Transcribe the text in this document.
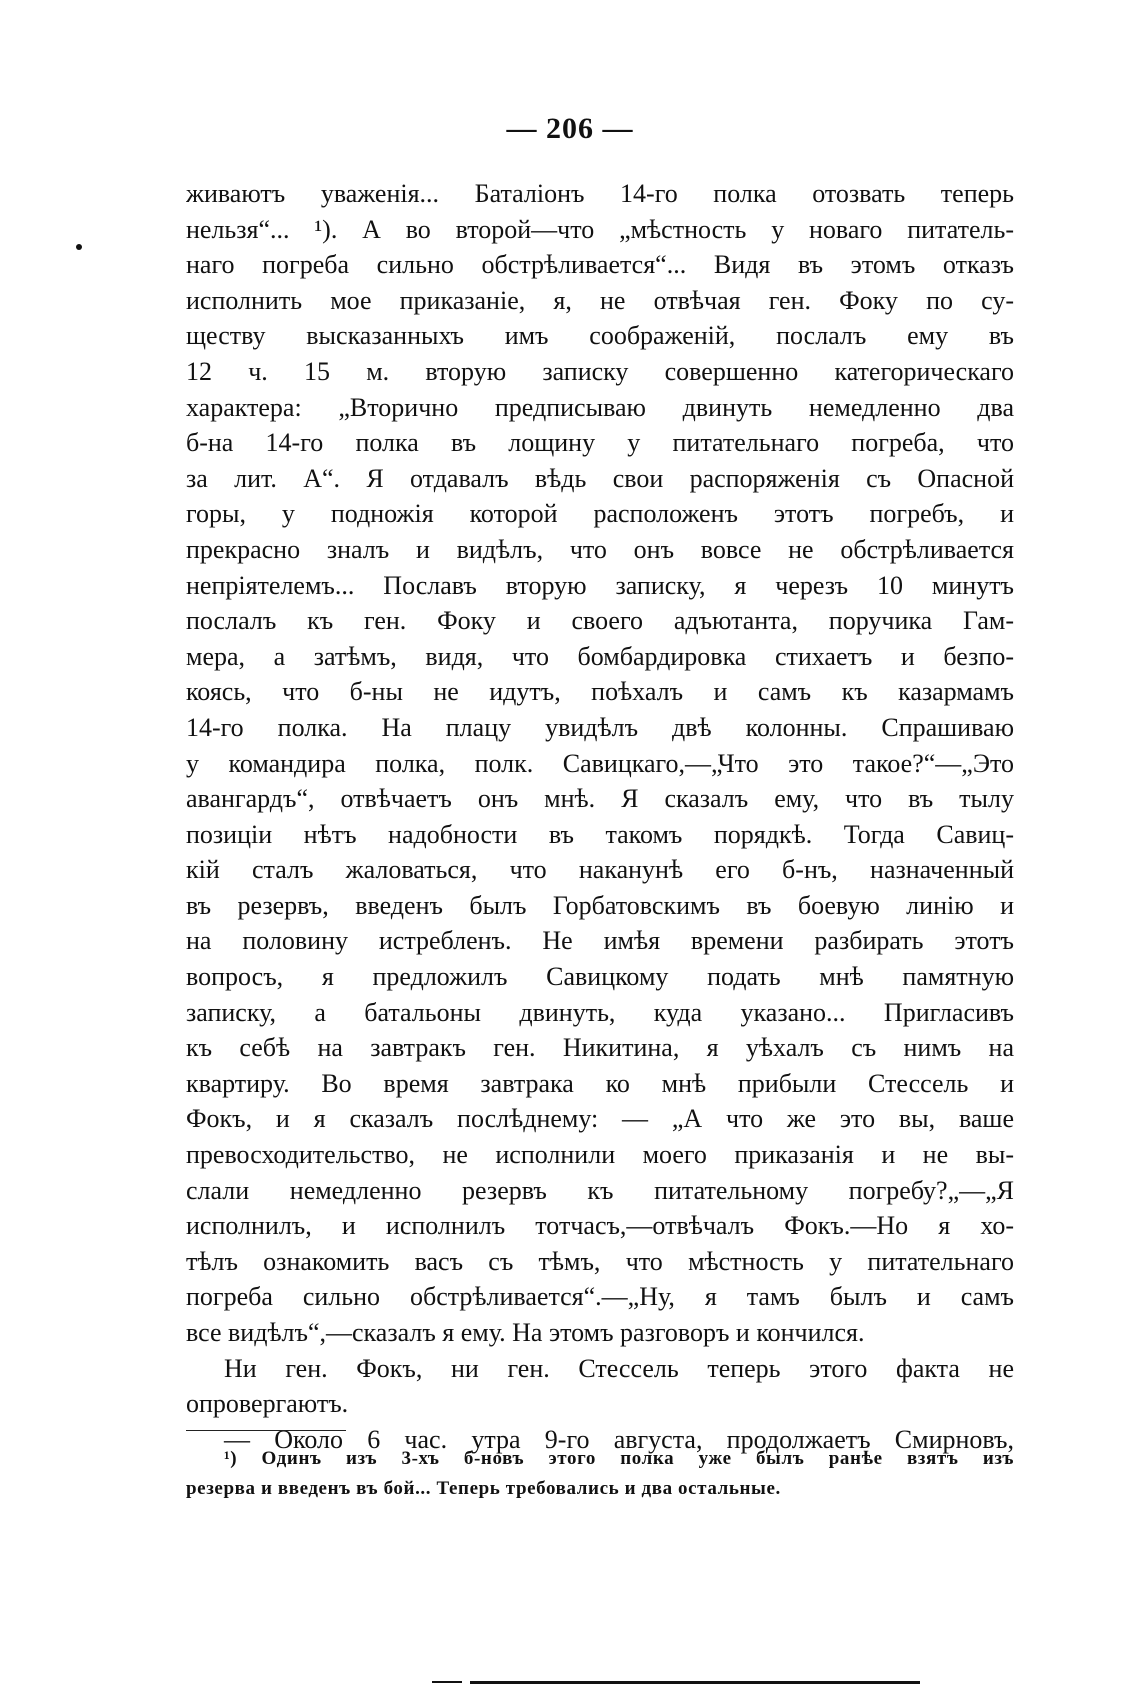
— 206 —
живаютъ уваженія... Баталіонъ 14-го полка отозвать теперь
нельзя“... ¹). А во второй—что „мѣстность у новаго питатель-
наго погреба сильно обстрѣливается“... Видя въ этомъ отказъ
исполнить мое приказаніе, я, не отвѣчая ген. Фоку по су-
ществу высказанныхъ имъ соображеній, послалъ ему въ
12 ч. 15 м. вторую записку совершенно категорическаго
характера: „Вторично предписываю двинуть немедленно два
б-на 14-го полка въ лощину у питательнаго погреба, что
за лит. А“. Я отдавалъ вѣдь свои распоряженія съ Опасной
горы, у подножія которой расположенъ этотъ погребъ, и
прекрасно зналъ и видѣлъ, что онъ вовсе не обстрѣливается
непріятелемъ... Пославъ вторую записку, я черезъ 10 минутъ
послалъ къ ген. Фоку и своего адъютанта, поручика Гам-
мера, а затѣмъ, видя, что бомбардировка стихаетъ и безпо-
коясь, что б-ны не идутъ, поѣхалъ и самъ къ казармамъ
14-го полка. На плацу увидѣлъ двѣ колонны. Спрашиваю
у командира полка, полк. Савицкаго,—„Что это такое?“—„Это
авангардъ“, отвѣчаетъ онъ мнѣ. Я сказалъ ему, что въ тылу
позиціи нѣтъ надобности въ такомъ порядкѣ. Тогда Савиц-
кій сталъ жаловаться, что наканунѣ его б-нъ, назначенный
въ резервъ, введенъ былъ Горбатовскимъ въ боевую линію и
на половину истребленъ. Не имѣя времени разбирать этотъ
вопросъ, я предложилъ Савицкому подать мнѣ памятную
записку, а батальоны двинуть, куда указано... Пригласивъ
къ себѣ на завтракъ ген. Никитина, я уѣхалъ съ нимъ на
квартиру. Во время завтрака ко мнѣ прибыли Стессель и
Фокъ, и я сказалъ послѣднему: — „А что же это вы, ваше
превосходительство, не исполнили моего приказанія и не вы-
слали немедленно резервъ къ питательному погребу?„—„Я
исполнилъ, и исполнилъ тотчасъ,—отвѣчалъ Фокъ.—Но я хо-
тѣлъ ознакомить васъ съ тѣмъ, что мѣстность у питательнаго
погреба сильно обстрѣливается“.—„Ну, я тамъ былъ и самъ
все видѣлъ“,—сказалъ я ему. На этомъ разговоръ и кончился.
Ни ген. Фокъ, ни ген. Стессель теперь этого факта не
опровергаютъ.
— Около 6 час. утра 9-го августа, продолжаетъ Смирновъ,
¹) Одинъ изъ 3-хъ б-новъ этого полка уже былъ ранѣе взятъ изъ
резерва и введенъ въ бой... Теперь требовались и два остальные.
